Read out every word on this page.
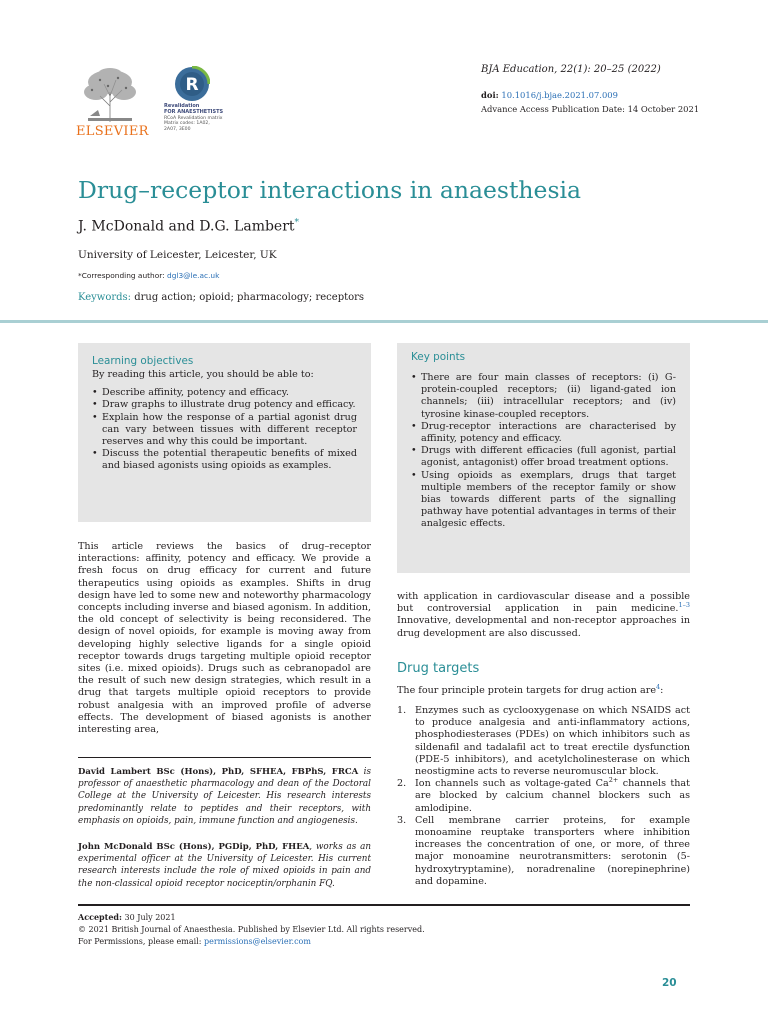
ELSEVIER
R
Revalidation
FOR ANAESTHETISTS
RCoA Revalidation matrix
Matrix codes: 1A02,
2A07, 3E00
BJA Education, 22(1): 20–25 (2022)
doi: 10.1016/j.bjae.2021.07.009
Advance Access Publication Date: 14 October 2021
Drug–receptor interactions in anaesthesia
J. McDonald and D.G. Lambert*
University of Leicester, Leicester, UK
*Corresponding author: dgl3@le.ac.uk
Keywords: drug action; opioid; pharmacology; receptors
Learning objectives
By reading this article, you should be able to:
• Describe affinity, potency and efficacy.
• Draw graphs to illustrate drug potency and efficacy.
• Explain how the response of a partial agonist drug can vary between tissues with different receptor reserves and why this could be important.
• Discuss the potential therapeutic benefits of mixed and biased agonists using opioids as examples.
Key points
• There are four main classes of receptors: (i) G-protein-coupled receptors; (ii) ligand-gated ion channels; (iii) intracellular receptors; and (iv) tyrosine kinase-coupled receptors.
• Drug-receptor interactions are characterised by affinity, potency and efficacy.
• Drugs with different efficacies (full agonist, partial agonist, antagonist) offer broad treatment options.
• Using opioids as exemplars, drugs that target multiple members of the receptor family or show bias towards different parts of the signalling pathway have potential advantages in terms of their analgesic effects.
This article reviews the basics of drug–receptor interactions: affinity, potency and efficacy. We provide a fresh focus on drug efficacy for current and future therapeutics using opioids as examples. Shifts in drug design have led to some new and noteworthy pharmacology concepts including inverse and biased agonism. In addition, the old concept of selectivity is being reconsidered. The design of novel opioids, for example is moving away from developing highly selective ligands for a single opioid receptor towards drugs targeting multiple opioid receptor sites (i.e. mixed opioids). Drugs such as cebranopadol are the result of such new design strategies, which result in a drug that targets multiple opioid receptors to provide robust analgesia with an improved profile of adverse effects. The development of biased agonists is another interesting area,
with application in cardiovascular disease and a possible but controversial application in pain medicine.$^{1-3}$ Innovative, developmental and non-receptor approaches in drug development are also discussed.
Drug targets
The four principle protein targets for drug action are$^4$:
1. Enzymes such as cyclooxygenase on which NSAIDS act to produce analgesia and anti-inflammatory actions, phosphodiesterases (PDEs) on which inhibitors such as sildenafil and tadalafil act to treat erectile dysfunction (PDE-5 inhibitors), and acetylcholinesterase on which neostigmine acts to reverse neuromuscular block.
2. Ion channels such as voltage-gated $Ca^{2+}$ channels that are blocked by calcium channel blockers such as amlodipine.
3. Cell membrane carrier proteins, for example monoamine reuptake transporters where inhibition increases the concentration of one, or more, of three major monoamine neurotransmitters: serotonin (5-hydroxytryptamine), noradrenaline (norepinephrine) and dopamine.
David Lambert BSc (Hons), PhD, SFHEA, FBPhS, FRCA is professor of anaesthetic pharmacology and dean of the Doctoral College at the University of Leicester. His research interests predominantly relate to peptides and their receptors, with emphasis on opioids, pain, immune function and angiogenesis.
John McDonald BSc (Hons), PGDip, PhD, FHEA, works as an experimental officer at the University of Leicester. His current research interests include the role of mixed opioids in pain and the non-classical opioid receptor nociceptin/orphanin FQ.
Accepted: 30 July 2021
© 2021 British Journal of Anaesthesia. Published by Elsevier Ltd. All rights reserved.
For Permissions, please email: permissions@elsevier.com
20
